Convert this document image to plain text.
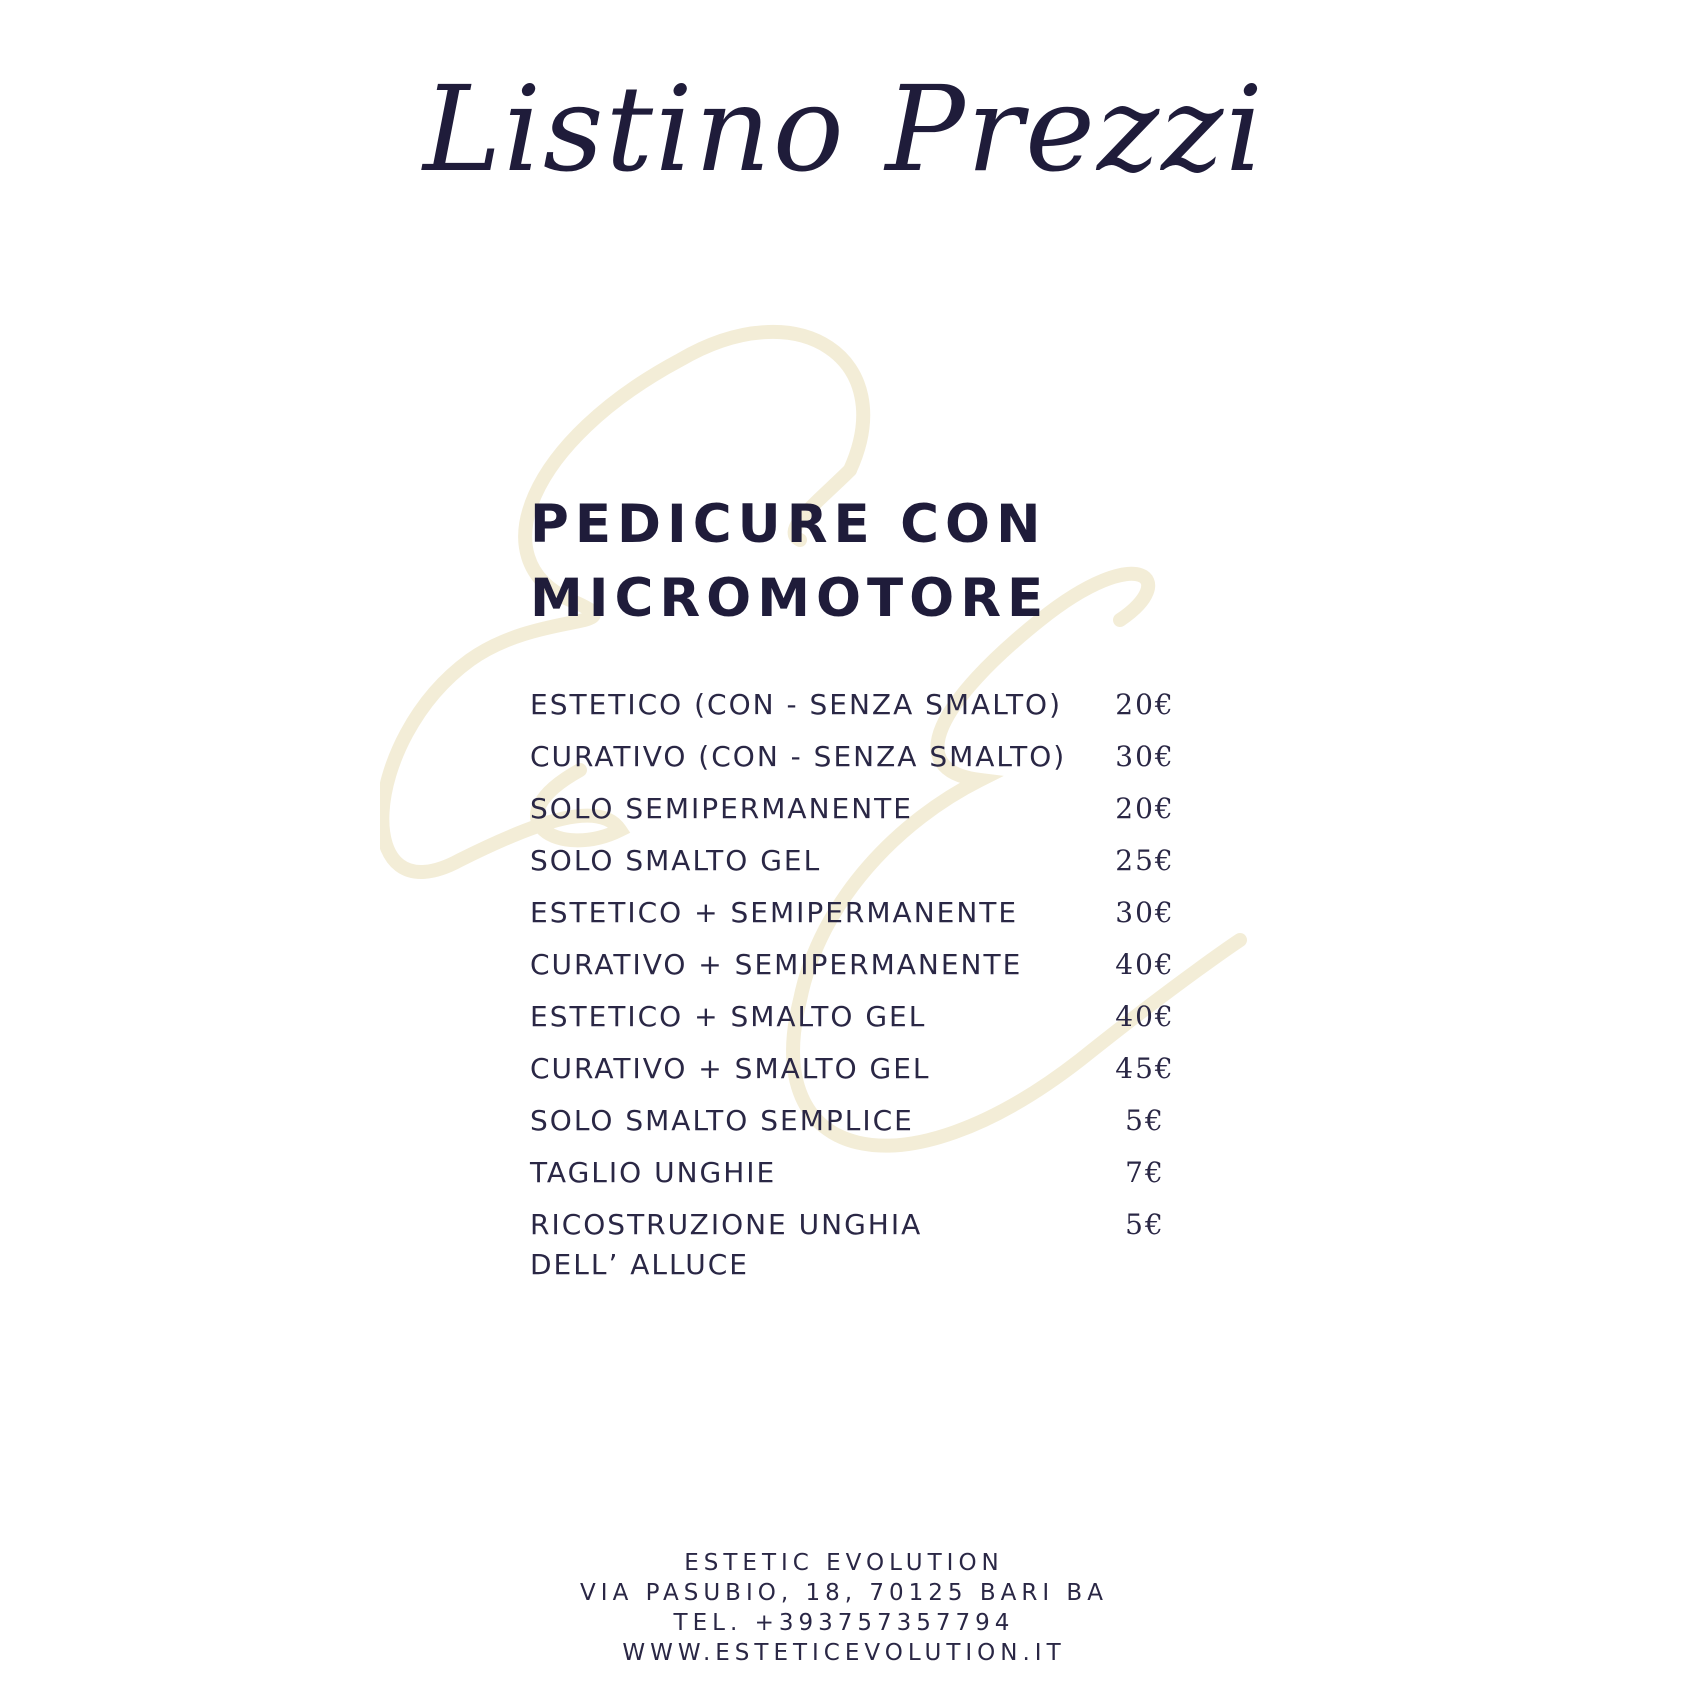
Listino Prezzi
PEDICURE CON
MICROMOTORE
ESTETICO (CON - SENZA SMALTO)	20€
CURATIVO (CON - SENZA SMALTO)	30€
SOLO SEMIPERMANENTE	20€
SOLO SMALTO GEL	25€
ESTETICO + SEMIPERMANENTE	30€
CURATIVO + SEMIPERMANENTE	40€
ESTETICO + SMALTO GEL	40€
CURATIVO + SMALTO GEL	45€
SOLO SMALTO SEMPLICE	5€
TAGLIO UNGHIE	7€
RICOSTRUZIONE UNGHIA
DELL’ ALLUCE
5€
ESTETIC EVOLUTION
VIA PASUBIO, 18, 70125 BARI BA
TEL. +393757357794
WWW.ESTETICEVOLUTION.IT
